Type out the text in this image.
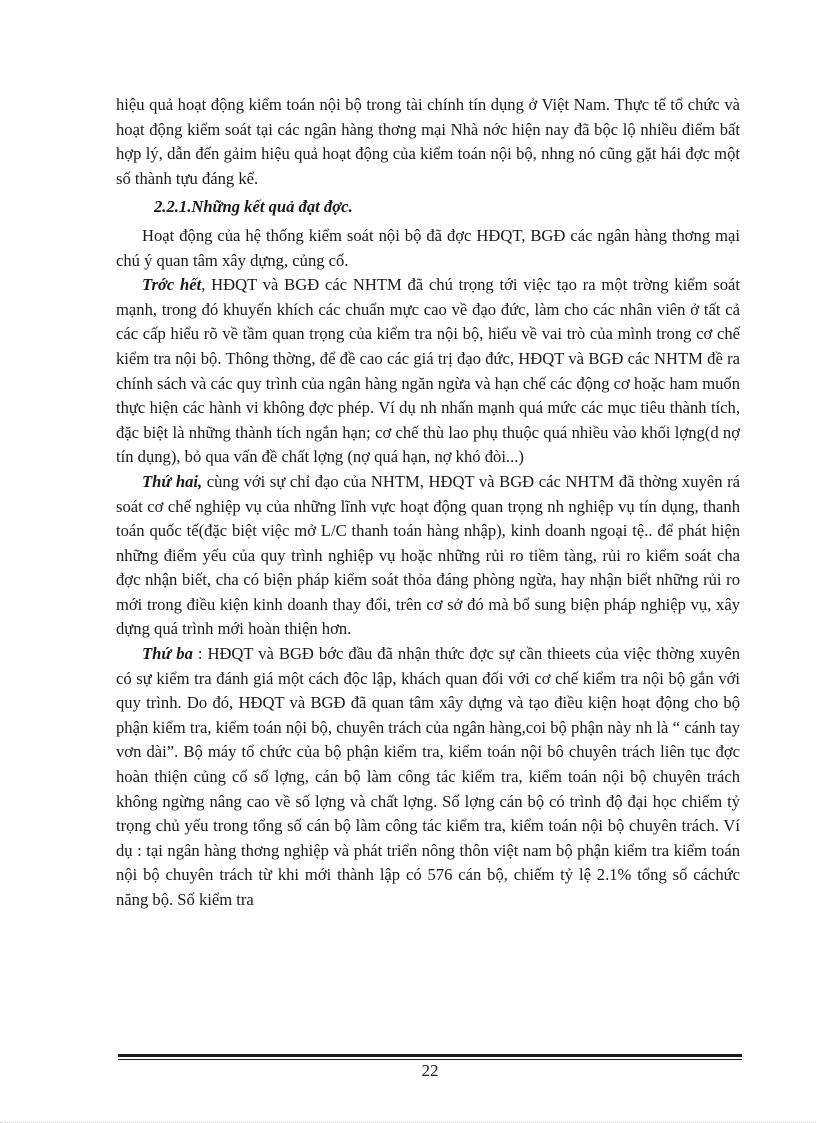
hiệu quả hoạt động kiểm toán nội bộ trong tài chính tín dụng ở Việt Nam. Thực tế tổ chức và hoạt động kiểm soát tại các ngân hàng thơng mại Nhà nớc hiện nay đã bộc lộ nhiều điểm bất hợp lý, dẫn đến gảim hiệu quả hoạt động của kiểm toán nội bộ, nhng nó cũng gặt hái đợc một số thành tựu đáng kể.

2.2.1.Những kết quả đạt đợc.

Hoạt động của hệ thống kiểm soát nội bộ đã đợc HĐQT, BGĐ các ngân hàng thơng mại chú ý quan tâm xây dựng, củng cố.

Trớc hết, HĐQT và BGĐ các NHTM đã chú trọng tới việc tạo ra một trờng kiểm soát mạnh, trong đó khuyến khích các chuẩn mực cao về đạo đức, làm cho các nhân viên ở tất cả các cấp hiểu rõ về tầm quan trọng của kiểm tra nội bộ, hiểu về vai trò của mình trong cơ chế kiểm tra nội bộ. Thông thờng, để đề cao các giá trị đạo đức, HĐQT và BGĐ các NHTM đề ra chính sách và các quy trình của ngân hàng ngăn ngừa và hạn chế các động cơ hoặc ham muốn thực hiện các hành vi không đợc phép. Ví dụ nh nhấn mạnh quá mức các mục tiêu thành tích, đặc biệt là những thành tích ngắn hạn; cơ chế thù lao phụ thuộc quá nhiều vào khối lợng(d nợ tín dụng), bỏ qua vấn đề chất lợng (nợ quá hạn, nợ khó đòi...)

Thứ hai, cùng với sự chỉ đạo của NHTM, HĐQT và BGĐ các NHTM đã thờng xuyên rá soát cơ chế nghiệp vụ của những lĩnh vực hoạt động quan trọng nh nghiệp vụ tín dụng, thanh toán quốc tế(đặc biệt việc mở L/C thanh toán hàng nhập), kinh doanh ngoại tệ.. để phát hiện những điểm yếu của quy trình nghiệp vụ hoặc những rủi ro tiềm tàng, rủi ro kiểm soát cha đợc nhận biết, cha có biện pháp kiểm soát thỏa đáng phòng ngừa, hay nhận biết những rủi ro mới trong điều kiện kinh doanh thay đổi, trên cơ sở đó mà bổ sung biện pháp nghiệp vụ, xây dựng quá trình mới hoàn thiện hơn.

Thứ ba : HĐQT và BGĐ bớc đầu đã nhận thức đợc sự cần thieets của việc thờng xuyên có sự kiểm tra đánh giá một cách độc lập, khách quan đối với cơ chế kiểm tra nội bộ gắn với quy trình. Do đó, HĐQT và BGĐ đã quan tâm xây dựng và tạo điều kiện hoạt động cho bộ phận kiểm tra, kiểm toán nội bộ, chuyên trách của ngân hàng,coi bộ phận này nh là “ cánh tay vơn dài”. Bộ máy tổ chức của bộ phận kiểm tra, kiểm toán nội bô chuyên trách liên tục đợc hoàn thiện củng cố số lợng, cán bộ làm công tác kiểm tra, kiểm toán nội bộ chuyên trách không ngừng nâng cao về số lợng và chất lợng. Số lợng cán bộ có trình độ đại học chiếm tỷ trọng chủ yếu trong tổng số cán bộ làm công tác kiểm tra, kiểm toán nội bộ chuyên trách. Ví dụ : tại ngân hàng thơng nghiệp và phát triển nông thôn việt nam bộ phận kiểm tra kiểm toán nội bộ chuyên trách từ khi mới thành lập có 576 cán bộ, chiếm tỷ lệ 2.1% tổng số cáchức năng bộ. Số kiểm tra

22
